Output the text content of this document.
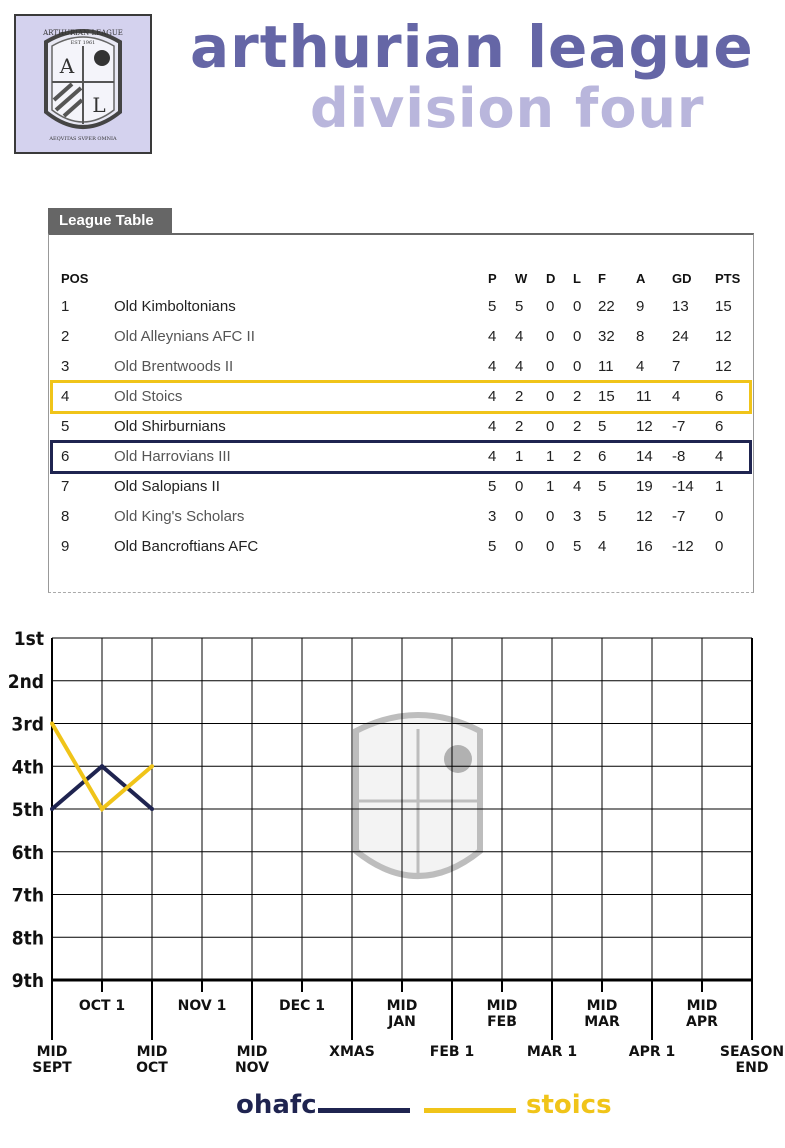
A
L
ARTHURIAN LEAGUE
EST 1961
AEQVITAS SVPER OMNIA
arthurian league
division four
League Table
POS	P W D L F A GD PTS
1	Old Kimboltonians	5 5 0 0 22 9 13 15
2	Old Alleynians AFC II	4 4 0 0 32 8 24 12
3	Old Brentwoods II	4 4 0 0 11 4 7 12
4	Old Stoics	4 2 0 2 15 11 4 6
5	Old Shirburnians	4 2 0 2 5 12 -7 6
6	Old Harrovians III	4 1 1 2 6 14 -8 4
7	Old Salopians II	5 0 1 4 5 19 -14 1
8	Old King's Scholars	3 0 0 3 5 12 -7 0
9	Old Bancroftians AFC	5 0 0 5 4 16 -12 0
1st
2nd
3rd
4th
5th
6th
7th
8th
9th
OCT 1	NOV 1	DEC 1	MID
JAN
MID
FEB
MID
MAR
MID
APR
MID
SEPT
MID
OCT
MID
NOV
XMAS	FEB 1	MAR 1	APR 1	SEASON
END
ohafc	stoics
